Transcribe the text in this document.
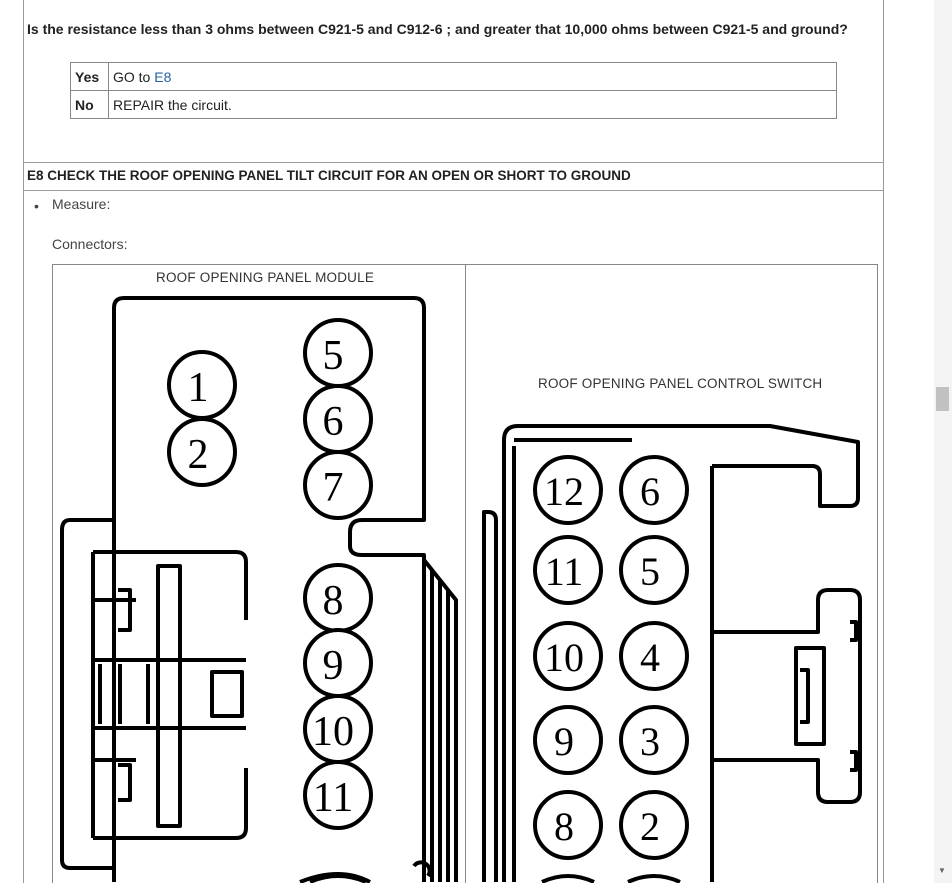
Is the resistance less than 3 ohms between C921-5 and C912-6 ; and greater that 10,000 ohms between C921-5 and ground?
Yes	GO to E8
No	REPAIR the circuit.
E8 CHECK THE ROOF OPENING PANEL TILT CIRCUIT FOR AN OPEN OR SHORT TO GROUND
• Measure:
Connectors:
ROOF OPENING PANEL MODULE
ROOF OPENING PANEL CONTROL SWITCH
1
2
5
6
7
8
9
10
11
12 6
11 5
10 4
9 3
8 2
▼
